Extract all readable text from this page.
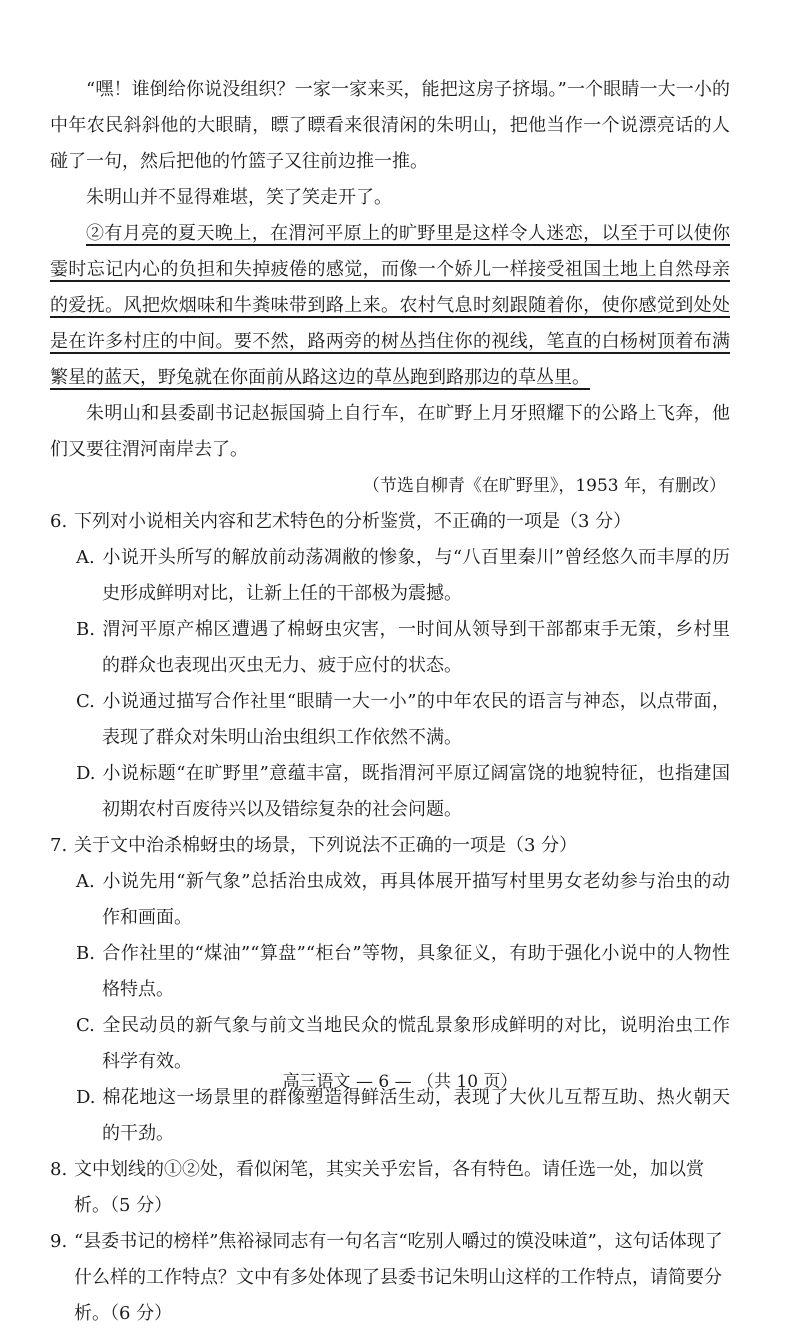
“嘿！谁倒给你说没组织？一家一家来买，能把这房子挤塌。”一个眼睛一大一小的中年农民斜斜他的大眼睛，瞟了瞟看来很清闲的朱明山，把他当作一个说漂亮话的人碰了一句，然后把他的竹篮子又往前边推一推。

朱明山并不显得难堪，笑了笑走开了。

②有月亮的夏天晚上，在渭河平原上的旷野里是这样令人迷恋，以至于可以使你霎时忘记内心的负担和失掉疲倦的感觉，而像一个娇儿一样接受祖国土地上自然母亲的爱抚。风把炊烟味和牛粪味带到路上来。农村气息时刻跟随着你，使你感觉到处处是在许多村庄的中间。要不然，路两旁的树丛挡住你的视线，笔直的白杨树顶着布满繁星的蓝天，野兔就在你面前从路这边的草丛跑到路那边的草丛里。

朱明山和县委副书记赵振国骑上自行车，在旷野上月牙照耀下的公路上飞奔，他们又要往渭河南岸去了。

（节选自柳青《在旷野里》，1953 年，有删改）

6. 下列对小说相关内容和艺术特色的分析鉴赏，不正确的一项是（3 分）

A. 小说开头所写的解放前动荡凋敝的惨象，与“八百里秦川”曾经悠久而丰厚的历史形成鲜明对比，让新上任的干部极为震撼。

B. 渭河平原产棉区遭遇了棉蚜虫灾害，一时间从领导到干部都束手无策，乡村里的群众也表现出灭虫无力、疲于应付的状态。

C. 小说通过描写合作社里“眼睛一大一小”的中年农民的语言与神态，以点带面，表现了群众对朱明山治虫组织工作依然不满。

D. 小说标题“在旷野里”意蕴丰富，既指渭河平原辽阔富饶的地貌特征，也指建国初期农村百废待兴以及错综复杂的社会问题。

7. 关于文中治杀棉蚜虫的场景，下列说法不正确的一项是（3 分）

A. 小说先用“新气象”总括治虫成效，再具体展开描写村里男女老幼参与治虫的动作和画面。

B. 合作社里的“煤油”“算盘”“柜台”等物，具象征义，有助于强化小说中的人物性格特点。

C. 全民动员的新气象与前文当地民众的慌乱景象形成鲜明的对比，说明治虫工作科学有效。

D. 棉花地这一场景里的群像塑造得鲜活生动，表现了大伙儿互帮互助、热火朝天的干劲。

8. 文中划线的①②处，看似闲笔，其实关乎宏旨，各有特色。请任选一处，加以赏析。（5 分）

9. “县委书记的榜样”焦裕禄同志有一句名言“吃别人嚼过的馍没味道”，这句话体现了什么样的工作特点？文中有多处体现了县委书记朱明山这样的工作特点，请简要分析。（6 分）

高三语文 — 6 — （共 10 页）
